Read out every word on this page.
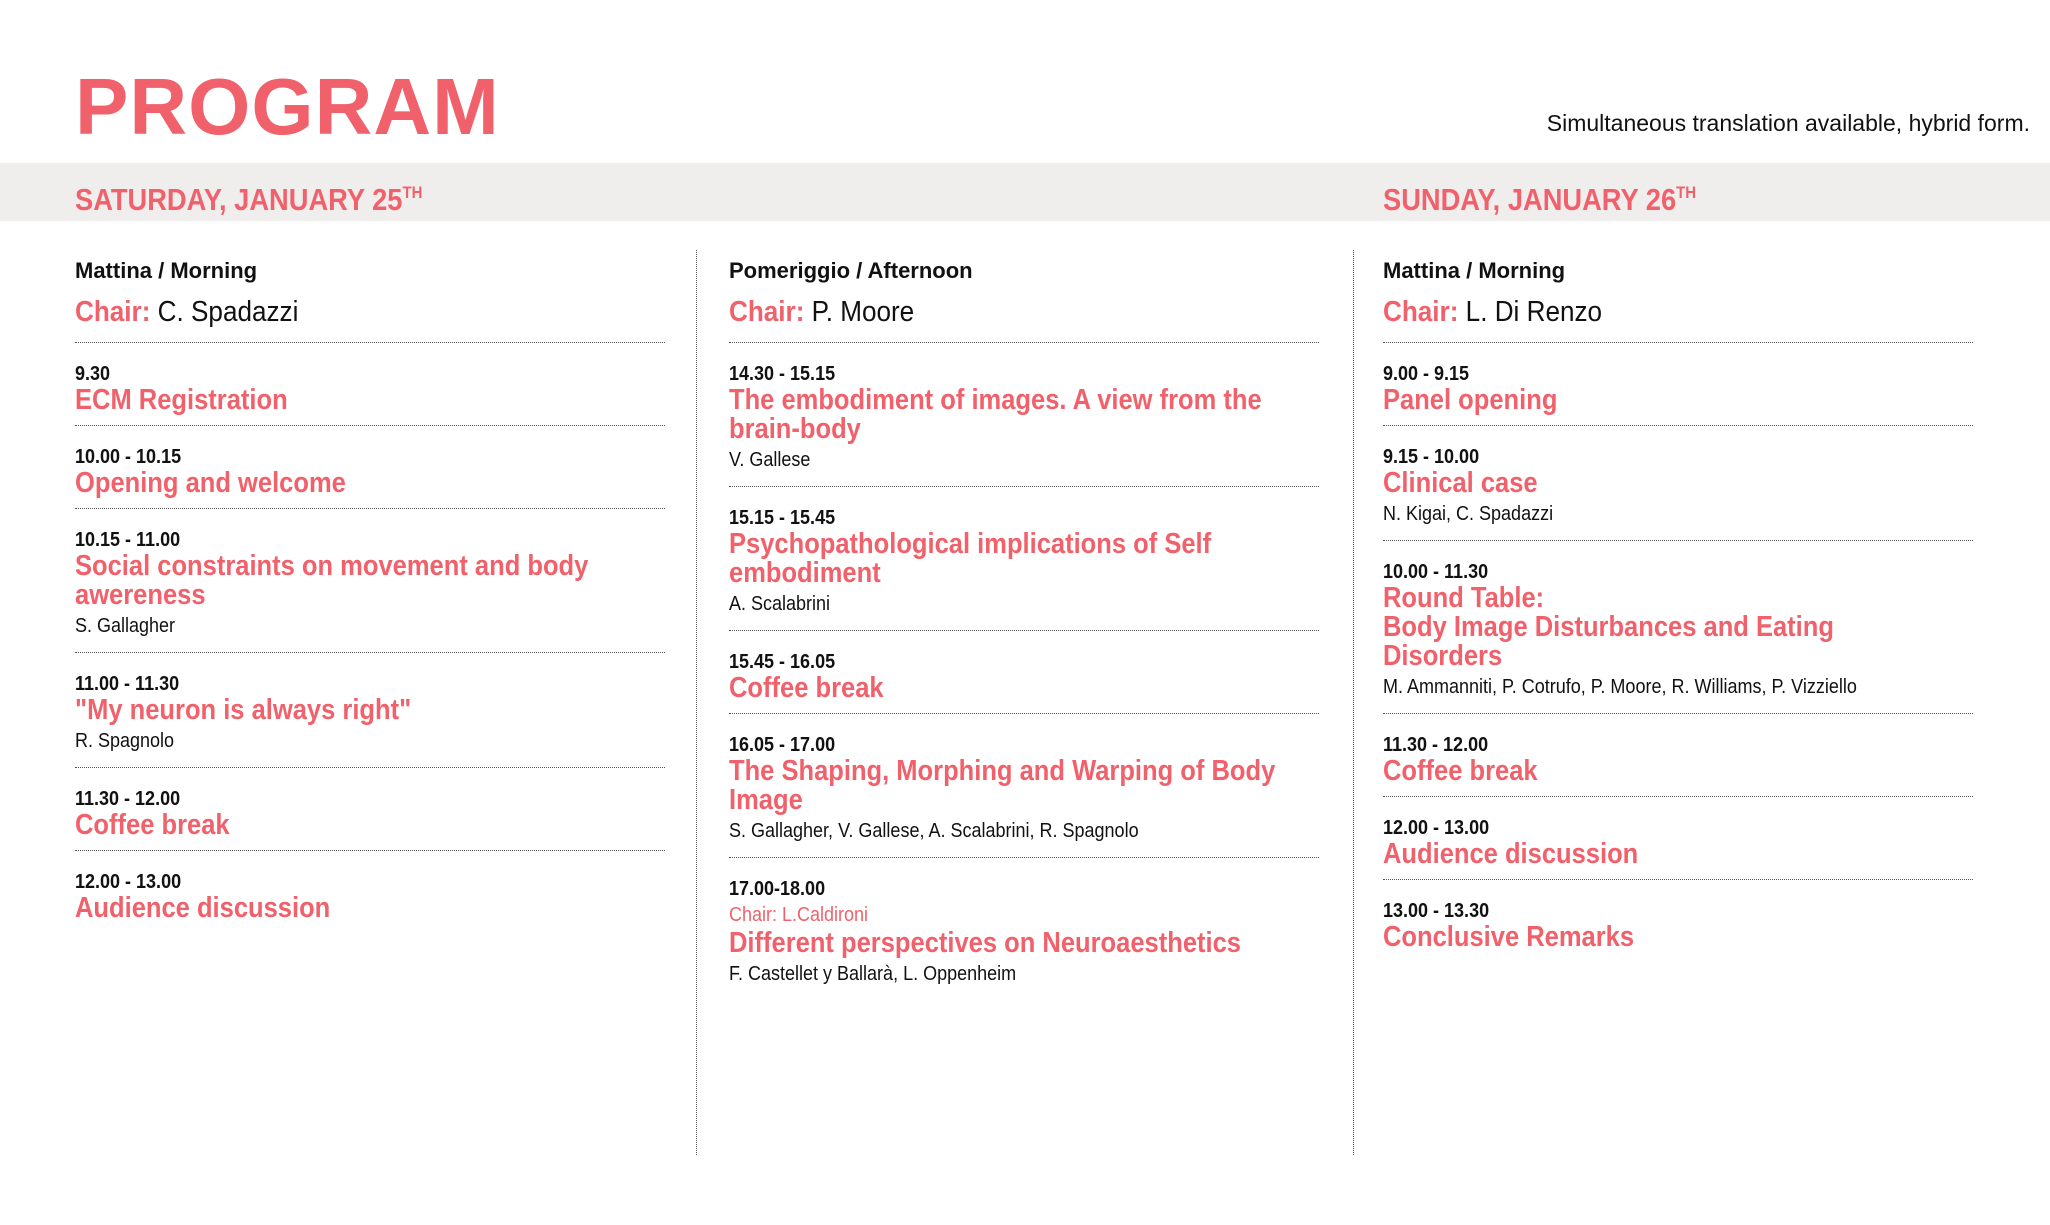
PROGRAM	Simultaneous translation available, hybrid form.
SATURDAY, JANUARY 25TH	SUNDAY, JANUARY 26TH
Mattina / Morning
Chair: C. Spadazzi
9.30
ECM Registration
10.00 - 10.15
Opening and welcome
10.15 - 11.00
Social constraints on movement and body awereness
S. Gallagher
11.00 - 11.30
"My neuron is always right"
R. Spagnolo
11.30 - 12.00
Coffee break
12.00 - 13.00
Audience discussion
Pomeriggio / Afternoon
Chair: P. Moore
14.30 - 15.15
The embodiment of images. A view from the brain-body
V. Gallese
15.15 - 15.45
Psychopathological implications of Self embodiment
A. Scalabrini
15.45 - 16.05
Coffee break
16.05 - 17.00
The Shaping, Morphing and Warping of Body Image
S. Gallagher, V. Gallese, A. Scalabrini, R. Spagnolo
17.00-18.00
Chair: L.Caldironi
Different perspectives on Neuroaesthetics
F. Castellet y Ballarà, L. Oppenheim
Mattina / Morning
Chair: L. Di Renzo
9.00 - 9.15
Panel opening
9.15 - 10.00
Clinical case
N. Kigai, C. Spadazzi
10.00 - 11.30
Round Table:
Body Image Disturbances and Eating Disorders
M. Ammanniti, P. Cotrufo, P. Moore, R. Williams, P. Vizziello
11.30 - 12.00
Coffee break
12.00 - 13.00
Audience discussion
13.00 - 13.30
Conclusive Remarks
